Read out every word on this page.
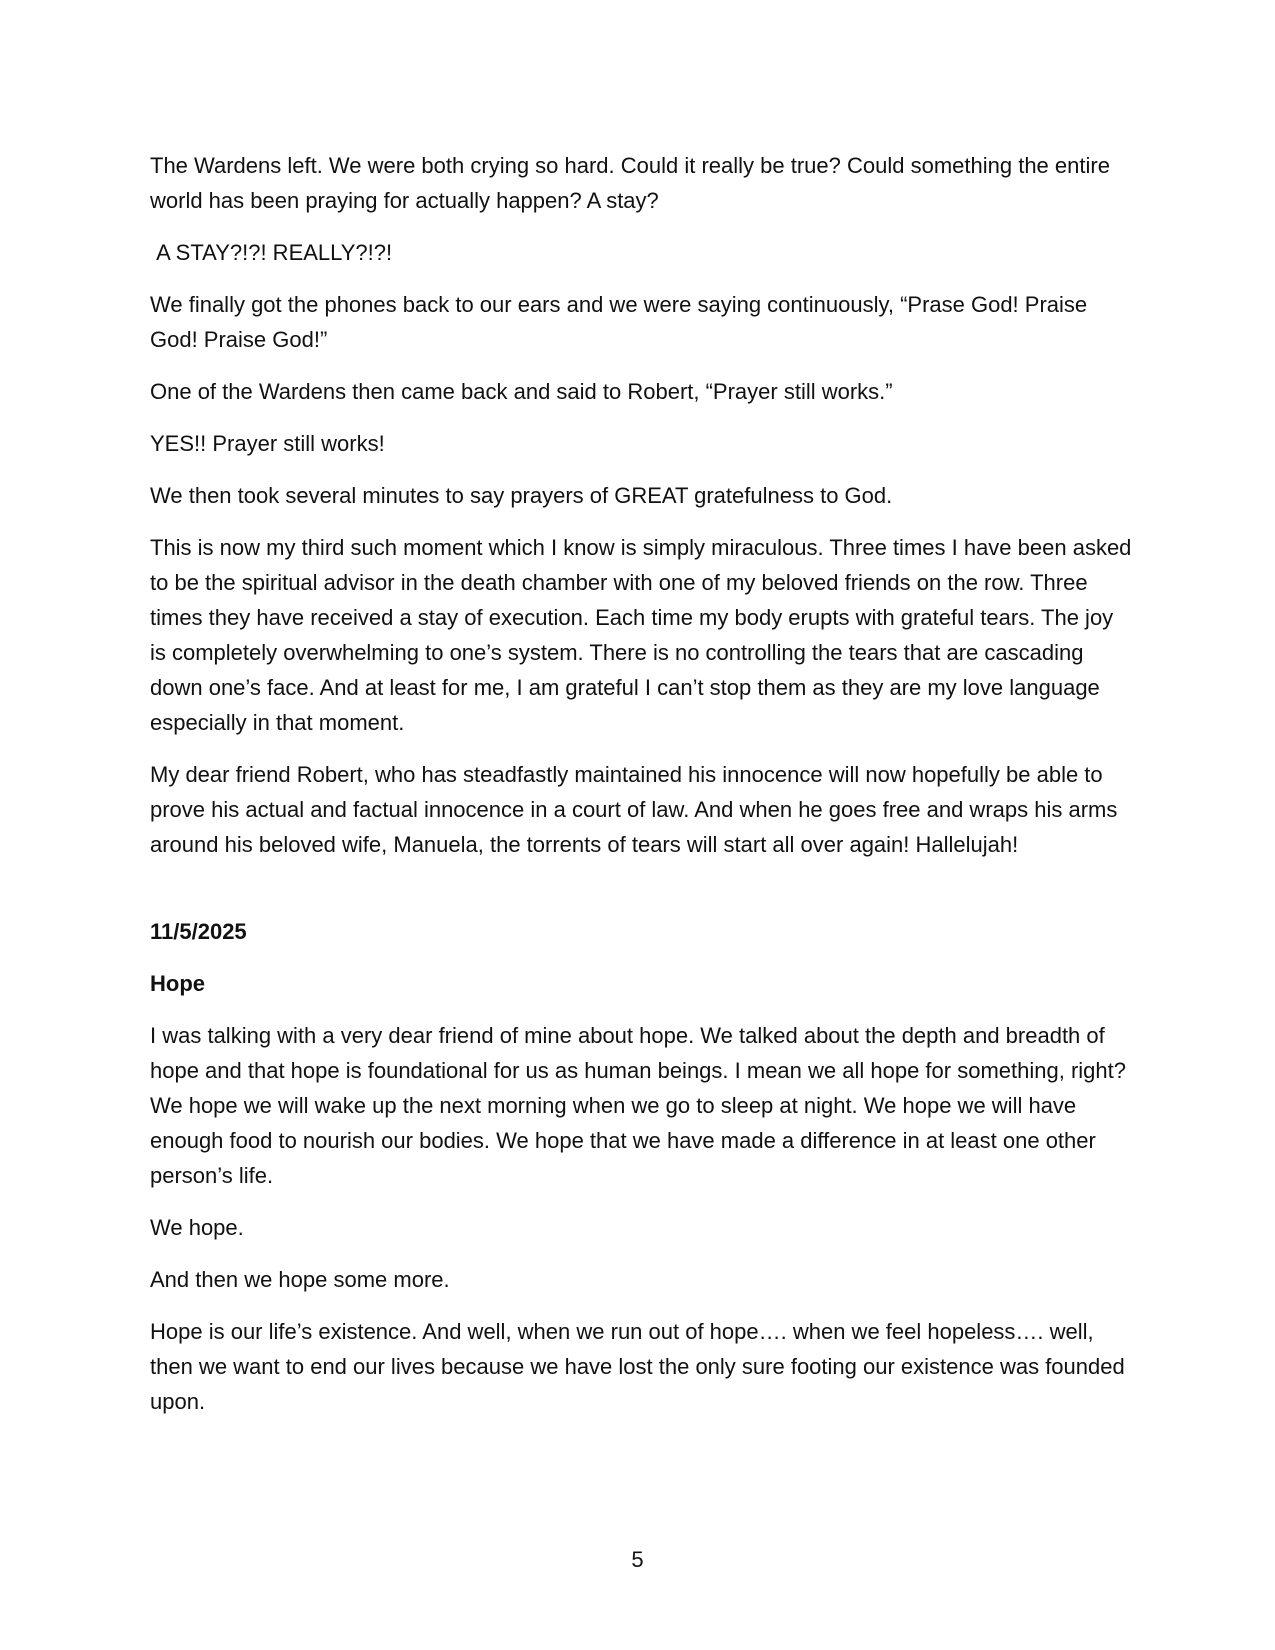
The Wardens left. We were both crying so hard. Could it really be true? Could something the entire world has been praying for actually happen? A stay?

A STAY?!?! REALLY?!?!

We finally got the phones back to our ears and we were saying continuously, “Prase God! Praise God! Praise God!”

One of the Wardens then came back and said to Robert, “Prayer still works.”

YES!! Prayer still works!

We then took several minutes to say prayers of GREAT gratefulness to God.

This is now my third such moment which I know is simply miraculous. Three times I have been asked to be the spiritual advisor in the death chamber with one of my beloved friends on the row. Three times they have received a stay of execution. Each time my body erupts with grateful tears. The joy is completely overwhelming to one’s system. There is no controlling the tears that are cascading down one’s face. And at least for me, I am grateful I can’t stop them as they are my love language especially in that moment.

My dear friend Robert, who has steadfastly maintained his innocence will now hopefully be able to prove his actual and factual innocence in a court of law. And when he goes free and wraps his arms around his beloved wife, Manuela, the torrents of tears will start all over again! Hallelujah!

11/5/2025

Hope

I was talking with a very dear friend of mine about hope. We talked about the depth and breadth of hope and that hope is foundational for us as human beings. I mean we all hope for something, right? We hope we will wake up the next morning when we go to sleep at night. We hope we will have enough food to nourish our bodies. We hope that we have made a difference in at least one other person’s life.

We hope.

And then we hope some more.

Hope is our life’s existence. And well, when we run out of hope…. when we feel hopeless…. well, then we want to end our lives because we have lost the only sure footing our existence was founded upon.

5
